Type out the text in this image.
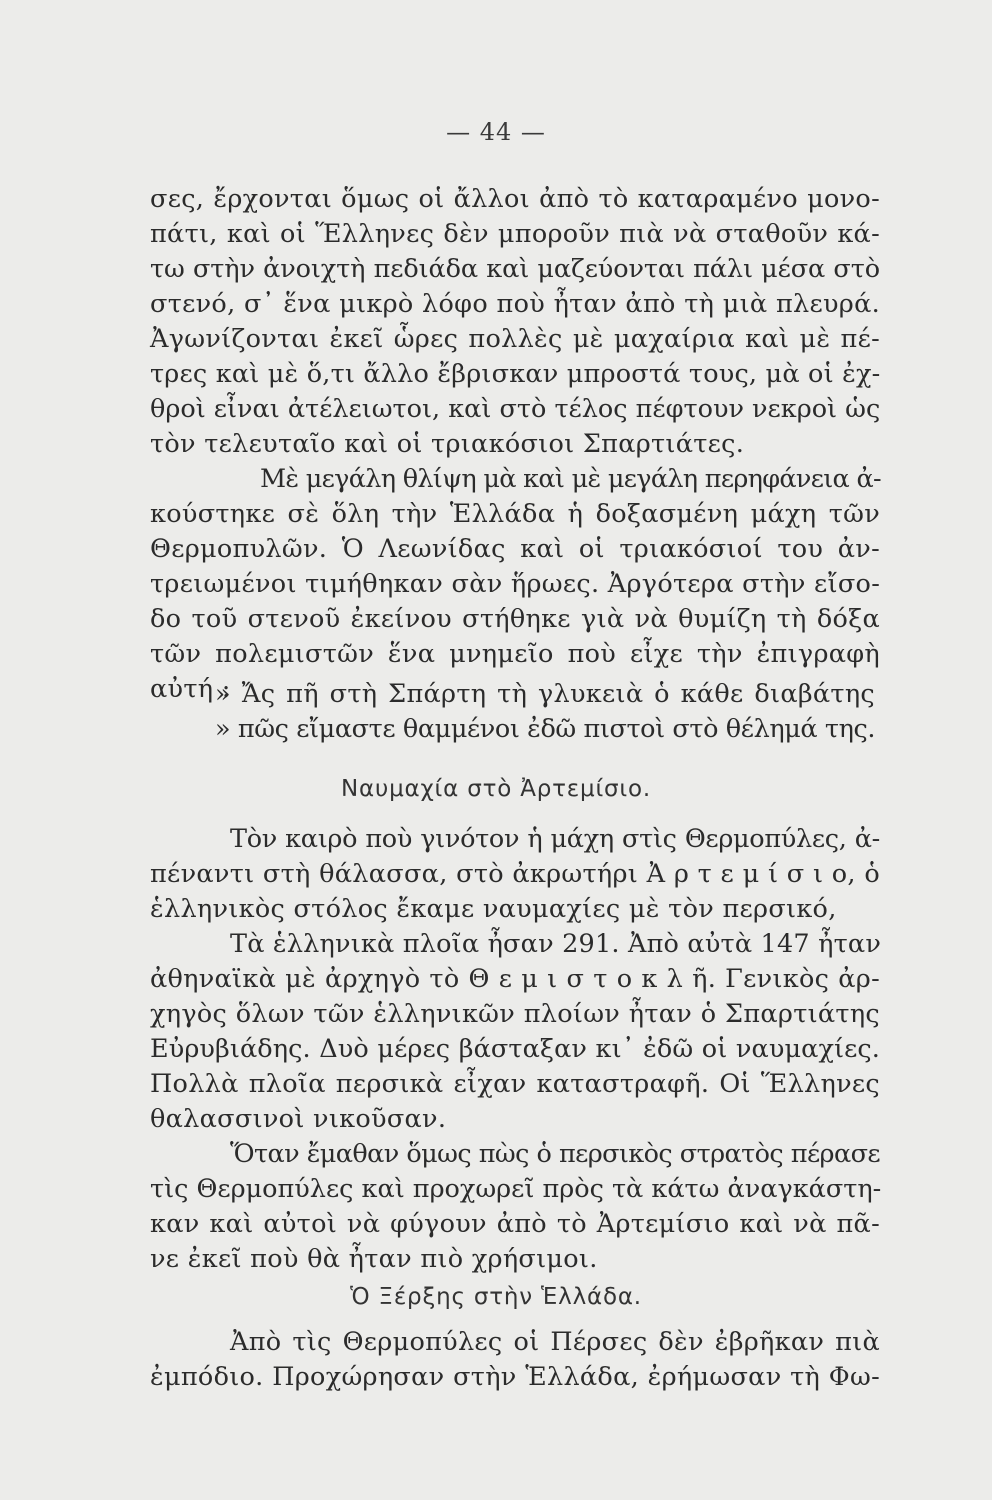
— 44 —
σες, ἔρχονται ὅμως οἱ ἄλλοι ἀπὸ τὸ καταραμένο μονο-
πάτι, καὶ οἱ Ἕλληνες δὲν μποροῦν πιὰ νὰ σταθοῦν κά-
τω στὴν ἀνοιχτὴ πεδιάδα καὶ μαζεύονται πάλι μέσα στὸ
στενό, σ᾽ ἕνα μικρὸ λόφο ποὺ ἦταν ἀπὸ τὴ μιὰ πλευρά.
Ἀγωνίζονται ἐκεῖ ὧρες πολλὲς μὲ μαχαίρια καὶ μὲ πέ-
τρες καὶ μὲ ὅ,τι ἄλλο ἔβρισκαν μπροστά τους, μὰ οἱ ἐχ-
θροὶ εἶναι ἀτέλειωτοι, καὶ στὸ τέλος πέφτουν νεκροὶ ὡς
τὸν τελευταῖο καὶ οἱ τριακόσιοι Σπαρτιάτες.
Μὲ μεγάλη θλίψη μὰ καὶ μὲ μεγάλη περηφάνεια ἀ-
κούστηκε σὲ ὅλη τὴν Ἑλλάδα ἡ δοξασμένη μάχη τῶν
Θερμοπυλῶν. Ὁ Λεωνίδας καὶ οἱ τριακόσιοί του ἀν-
τρειωμένοι τιμήθηκαν σὰν ἥρωες. Ἀργότερα στὴν εἴσο-
δο τοῦ στενοῦ ἐκείνου στήθηκε γιὰ νὰ θυμίζη τὴ δόξα
τῶν πολεμιστῶν ἕνα μνημεῖο ποὺ εἶχε τὴν ἐπιγραφὴ
αὐτή :
» Ἄς πῆ στὴ Σπάρτη τὴ γλυκειὰ ὁ κάθε διαβάτης
» πῶς εἴμαστε θαμμένοι ἐδῶ πιστοὶ στὸ θέλημά της.
Ναυμαχία στὸ Ἀρτεμίσιο.
Τὸν καιρὸ ποὺ γινότον ἡ μάχη στὶς Θερμοπύλες, ἀ-
πέναντι στὴ θάλασσα, στὸ ἀκρωτήρι Ἀ ρ τ ε μ ί σ ι ο, ὁ
ἑλληνικὸς στόλος ἔκαμε ναυμαχίες μὲ τὸν περσικό,
Τὰ ἑλληνικὰ πλοῖα ἦσαν 291. Ἀπὸ αὐτὰ 147 ἦταν
ἀθηναϊκὰ μὲ ἀρχηγὸ τὸ Θ ε μ ι σ τ ο κ λ ῆ. Γενικὸς ἀρ-
χηγὸς ὅλων τῶν ἑλληνικῶν πλοίων ἦταν ὁ Σπαρτιάτης
Εὐρυβιάδης. Δυὸ μέρες βάσταξαν κι᾽ ἐδῶ οἱ ναυμαχίες.
Πολλὰ πλοῖα περσικὰ εἶχαν καταστραφῆ. Οἱ Ἕλληνες
θαλασσινοὶ νικοῦσαν.
Ὅταν ἔμαθαν ὅμως πὼς ὁ περσικὸς στρατὸς πέρασε
τὶς Θερμοπύλες καὶ προχωρεῖ πρὸς τὰ κάτω ἀναγκάστη-
καν καὶ αὐτοὶ νὰ φύγουν ἀπὸ τὸ Ἀρτεμίσιο καὶ νὰ πᾶ-
νε ἐκεῖ ποὺ θὰ ἦταν πιὸ χρήσιμοι.
Ὁ Ξέρξης στὴν Ἑλλάδα.
Ἀπὸ τὶς Θερμοπύλες οἱ Πέρσες δὲν ἐβρῆκαν πιὰ
ἐμπόδιο. Προχώρησαν στὴν Ἑλλάδα, ἐρήμωσαν τὴ Φω-
